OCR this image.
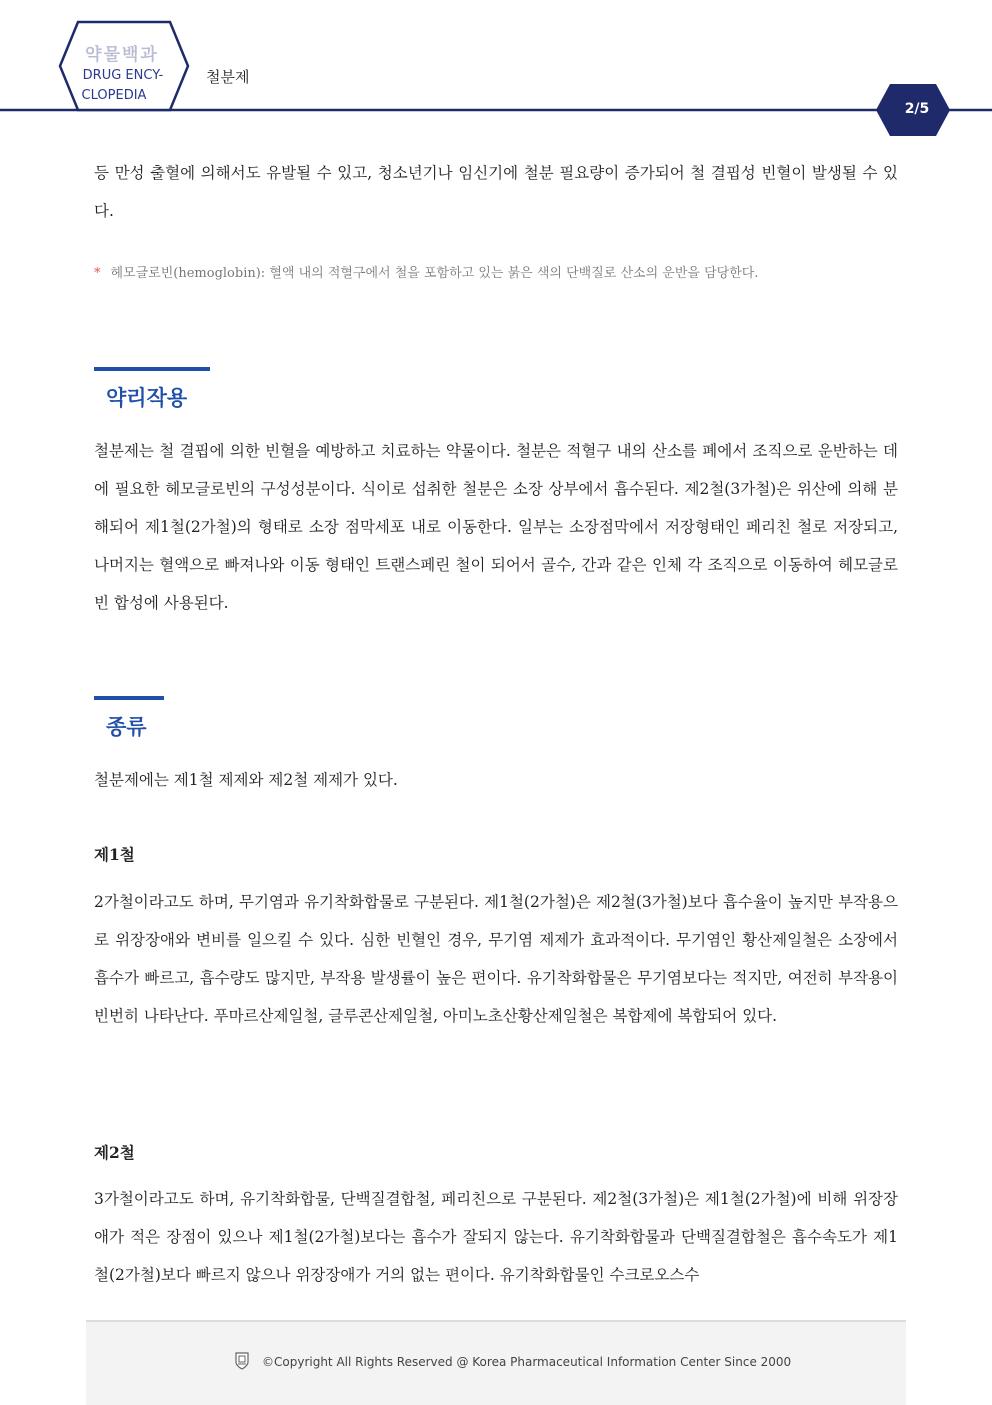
약물백과
DRUG ENCY-
CLOPEDIA
철분제
2/5

등 만성 출혈에 의해서도 유발될 수 있고, 청소년기나 임신기에 철분 필요량이 증가되어 철 결핍성 빈혈이 발생될 수 있다.

* 헤모글로빈(hemoglobin): 혈액 내의 적혈구에서 철을 포함하고 있는 붉은 색의 단백질로 산소의 운반을 담당한다.

약리작용

철분제는 철 결핍에 의한 빈혈을 예방하고 치료하는 약물이다. 철분은 적혈구 내의 산소를 폐에서 조직으로 운반하는 데에 필요한 헤모글로빈의 구성성분이다. 식이로 섭취한 철분은 소장 상부에서 흡수된다. 제2철(3가철)은 위산에 의해 분해되어 제1철(2가철)의 형태로 소장 점막세포 내로 이동한다. 일부는 소장점막에서 저장형태인 페리친 철로 저장되고, 나머지는 혈액으로 빠져나와 이동 형태인 트랜스페린 철이 되어서 골수, 간과 같은 인체 각 조직으로 이동하여 헤모글로빈 합성에 사용된다.

종류

철분제에는 제1철 제제와 제2철 제제가 있다.

제1철

2가철이라고도 하며, 무기염과 유기착화합물로 구분된다. 제1철(2가철)은 제2철(3가철)보다 흡수율이 높지만 부작용으로 위장장애와 변비를 일으킬 수 있다. 심한 빈혈인 경우, 무기염 제제가 효과적이다. 무기염인 황산제일철은 소장에서 흡수가 빠르고, 흡수량도 많지만, 부작용 발생률이 높은 편이다. 유기착화합물은 무기염보다는 적지만, 여전히 부작용이 빈번히 나타난다. 푸마르산제일철, 글루콘산제일철, 아미노초산황산제일철은 복합제에 복합되어 있다.

제2철

3가철이라고도 하며, 유기착화합물, 단백질결합철, 페리친으로 구분된다. 제2철(3가철)은 제1철(2가철)에 비해 위장장애가 적은 장점이 있으나 제1철(2가철)보다는 흡수가 잘되지 않는다. 유기착화합물과 단백질결합철은 흡수속도가 제1철(2가철)보다 빠르지 않으나 위장장애가 거의 없는 편이다. 유기착화합물인 수크로오스수

©Copyright All Rights Reserved @ Korea Pharmaceutical Information Center Since 2000
